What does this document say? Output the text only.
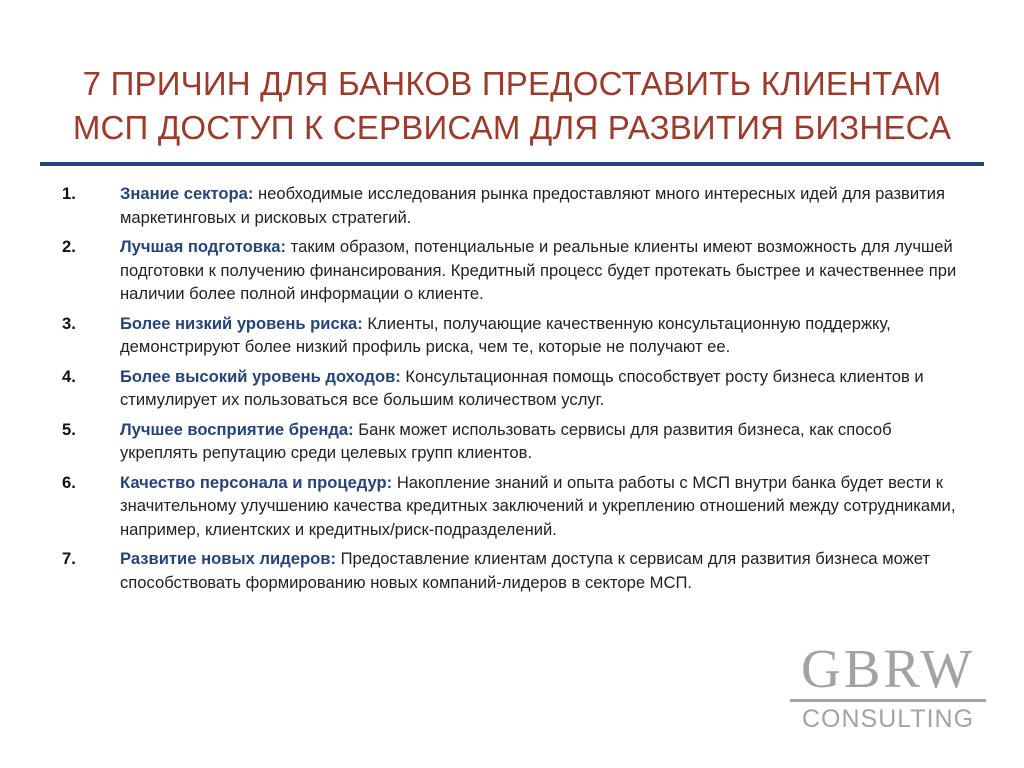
7 ПРИЧИН ДЛЯ БАНКОВ ПРЕДОСТАВИТЬ КЛИЕНТАМ
МСП ДОСТУП К СЕРВИСАМ ДЛЯ РАЗВИТИЯ БИЗНЕСА
1.	Знание сектора: необходимые исследования рынка предоставляют много интересных идей для развития маркетинговых и рисковых стратегий.
2.	Лучшая подготовка: таким образом, потенциальные и реальные клиенты имеют возможность для лучшей подготовки к получению финансирования. Кредитный процесс будет протекать быстрее и качественнее при наличии более полной информации о клиенте.
3.	Более низкий уровень риска: Клиенты, получающие качественную консультационную поддержку, демонстрируют более низкий профиль риска, чем те, которые не получают ее.
4.	Более высокий уровень доходов: Консультационная помощь способствует росту бизнеса клиентов и стимулирует их пользоваться все большим количеством услуг.
5.	Лучшее восприятие бренда: Банк может использовать сервисы для развития бизнеса, как способ укреплять репутацию среди целевых групп клиентов.
6.	Качество персонала и процедур: Накопление знаний и опыта работы с МСП внутри банка будет вести к значительному улучшению качества кредитных заключений и укреплению отношений между сотрудниками, например, клиентских и кредитных/риск-подразделений.
7.	Развитие новых лидеров: Предоставление клиентам доступа к сервисам для развития бизнеса может способствовать формированию новых компаний-лидеров в секторе МСП.
GBRW
CONSULTING
